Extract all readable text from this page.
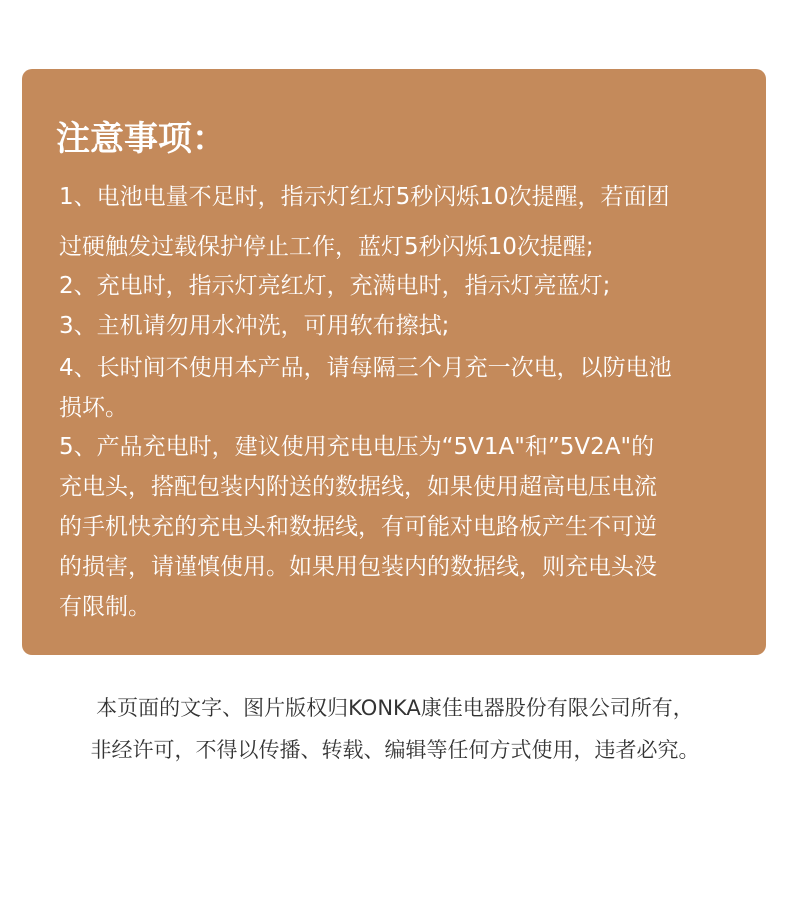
注意事项：

1、电池电量不足时，指示灯红灯5秒闪烁10次提醒，若面团

过硬触发过载保护停止工作，蓝灯5秒闪烁10次提醒;

2、充电时，指示灯亮红灯，充满电时，指示灯亮蓝灯;

3、主机请勿用水冲洗，可用软布擦拭;

4、长时间不使用本产品，请每隔三个月充一次电，以防电池

损坏。

5、产品充电时，建议使用充电电压为“5V1A"和”5V2A"的

充电头，搭配包装内附送的数据线，如果使用超高电压电流

的手机快充的充电头和数据线，有可能对电路板产生不可逆

的损害，请谨慎使用。如果用包装内的数据线，则充电头没

有限制。

本页面的文字、图片版权归KONKA康佳电器股份有限公司所有，

非经许可，不得以传播、转载、编辑等任何方式使用，违者必究。
